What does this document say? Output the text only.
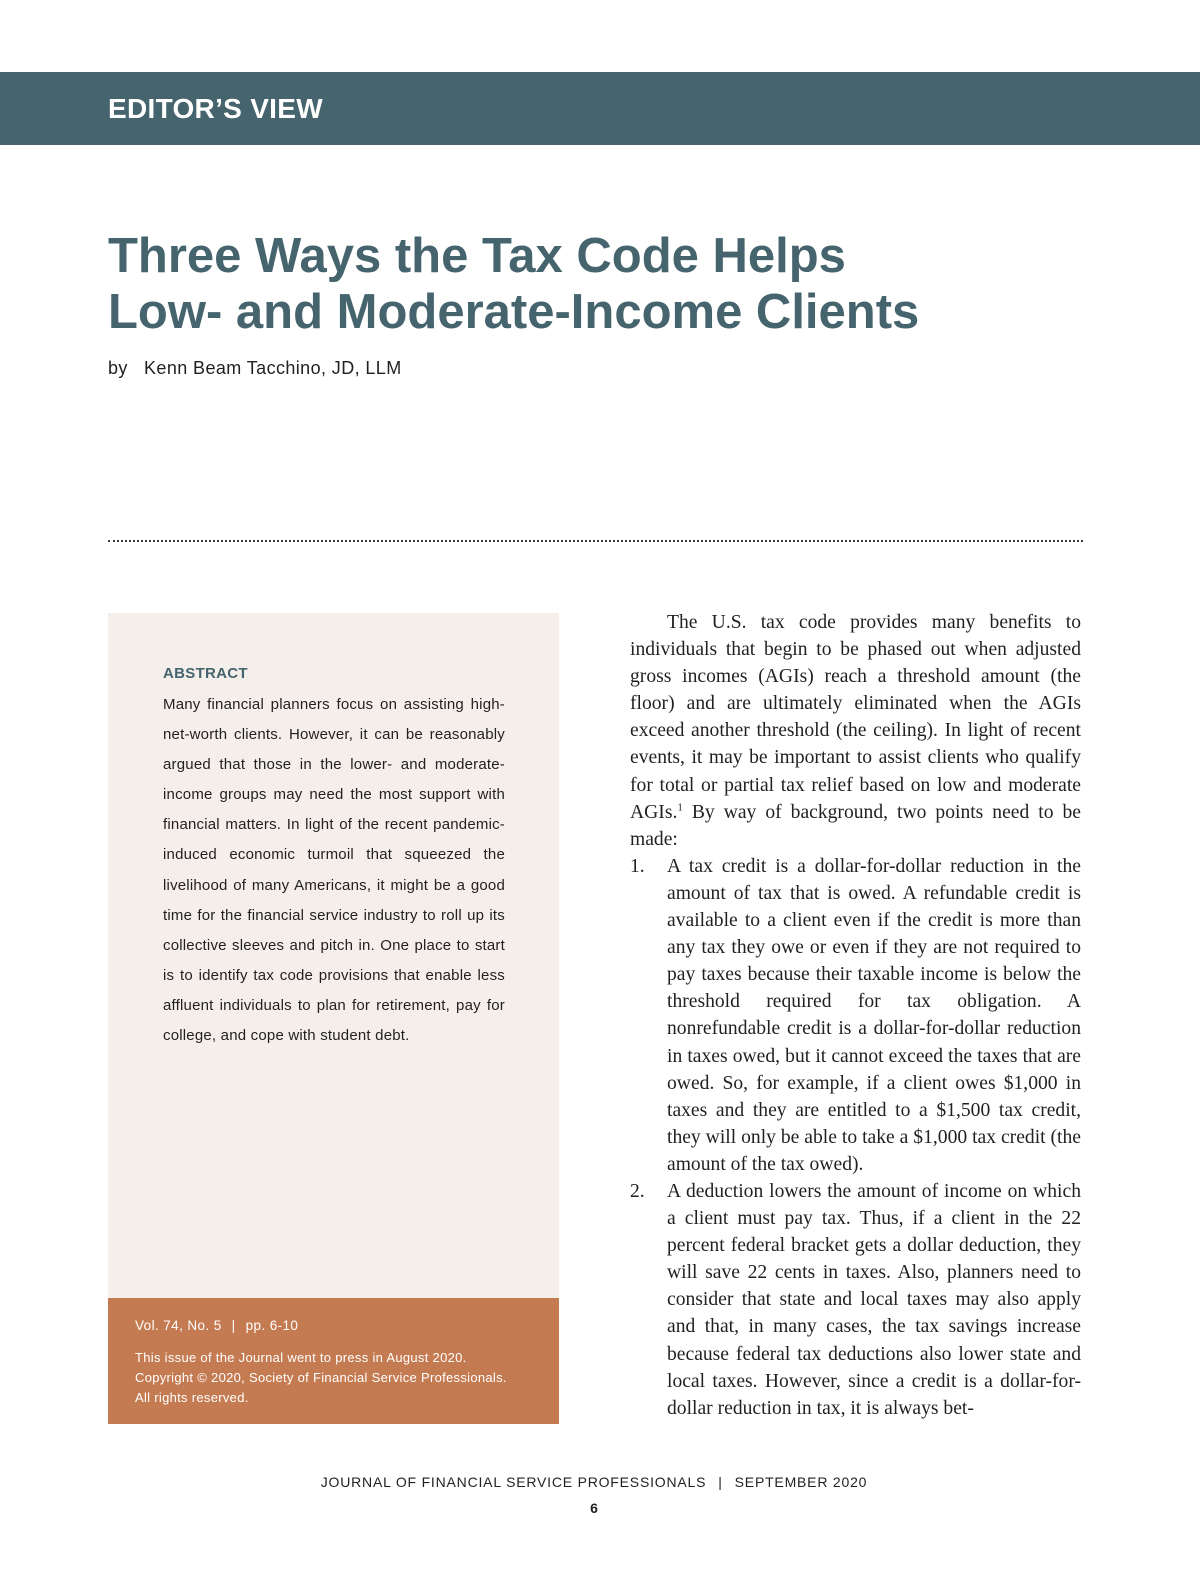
EDITOR’S VIEW
Three Ways the Tax Code Helps
Low- and Moderate-Income Clients

by Kenn Beam Tacchino, JD, LLM

ABSTRACT

Many financial planners focus on assisting high-net-worth clients. However, it can be reasonably argued that those in the lower- and moderate-income groups may need the most support with financial matters. In light of the recent pandemic-induced economic turmoil that squeezed the livelihood of many Americans, it might be a good time for the financial service industry to roll up its collective sleeves and pitch in. One place to start is to identify tax code provisions that enable less affluent individuals to plan for retirement, pay for college, and cope with student debt.

Vol. 74, No. 5 | pp. 6-10

This issue of the Journal went to press in August 2020.
Copyright © 2020, Society of Financial Service Professionals.
All rights reserved.

The U.S. tax code provides many benefits to individuals that begin to be phased out when adjusted gross incomes (AGIs) reach a threshold amount (the floor) and are ultimately eliminated when the AGIs exceed another threshold (the ceiling). In light of recent events, it may be important to assist clients who qualify for total or partial tax relief based on low and moderate AGIs.$^1$ By way of background, two points need to be made:

1. A tax credit is a dollar-for-dollar reduction in the amount of tax that is owed. A refundable credit is available to a client even if the credit is more than any tax they owe or even if they are not required to pay taxes because their taxable income is below the threshold required for tax obligation. A nonrefundable credit is a dollar-for-dollar reduction in taxes owed, but it cannot exceed the taxes that are owed. So, for example, if a client owes $1,000 in taxes and they are entitled to a $1,500 tax credit, they will only be able to take a $1,000 tax credit (the amount of the tax owed).
2. A deduction lowers the amount of income on which a client must pay tax. Thus, if a client in the 22 percent federal bracket gets a dollar deduction, they will save 22 cents in taxes. Also, planners need to consider that state and local taxes may also apply and that, in many cases, the tax savings increase because federal tax deductions also lower state and local taxes. However, since a credit is a dollar-for-dollar reduction in tax, it is always bet-

JOURNAL OF FINANCIAL SERVICE PROFESSIONALS | SEPTEMBER 2020

6
